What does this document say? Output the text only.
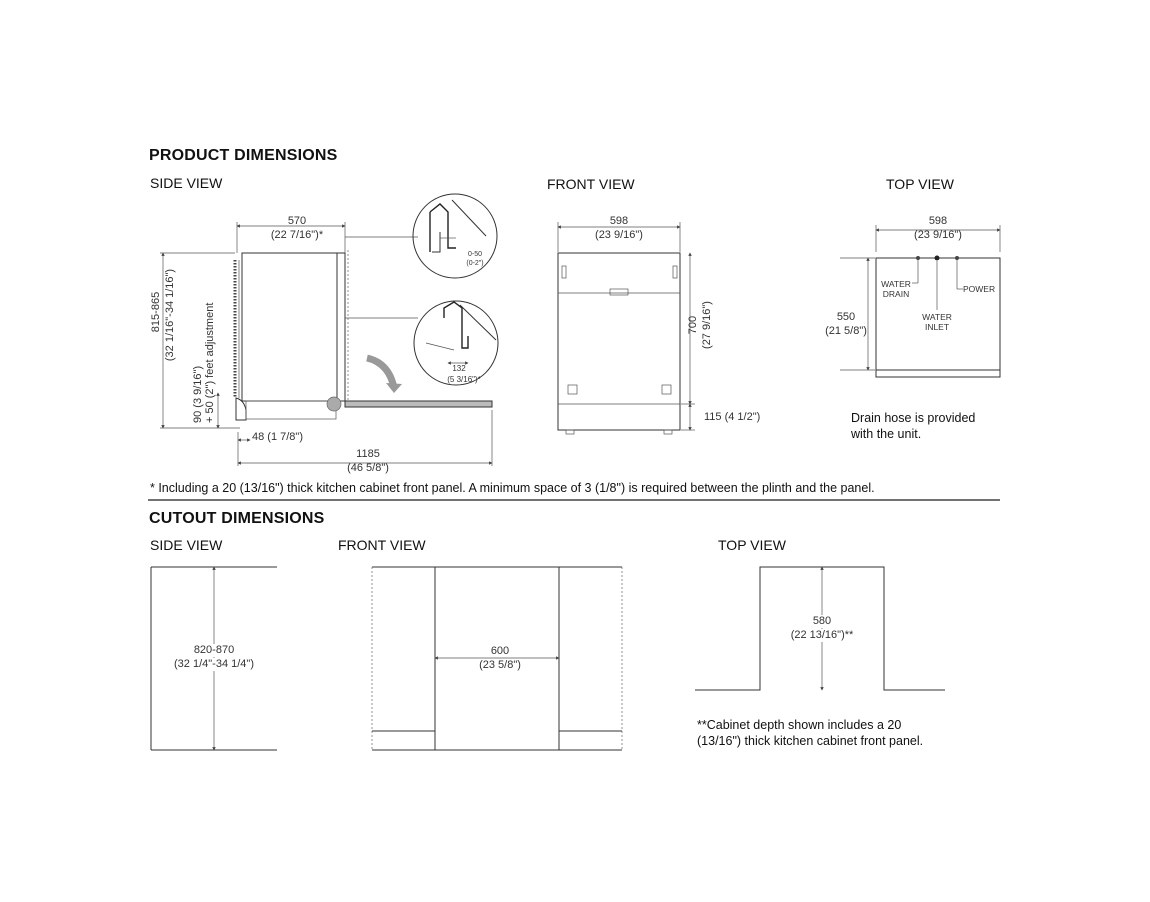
PRODUCT DIMENSIONS
SIDE VIEW	FRONT VIEW	TOP VIEW
570
(22 7/16")*
815-865 (32 1/16"-34 1/16")
90 (3 9/16") + 50 (2") feet adjustment
48 (1 7/8")
1185
(46 5/8")
0-50
(0-2")
132
(5 3/16")*
598
(23 9/16")
700 (27 9/16")
115 (4 1/2")
598
(23 9/16")
550
(21 5/8")
WATER
DRAIN
WATER
INLET
POWER
Drain hose is provided
with the unit.
* Including a 20 (13/16") thick kitchen cabinet front panel. A minimum space of 3 (1/8") is required between the plinth and the panel.
CUTOUT DIMENSIONS
SIDE VIEW	FRONT VIEW	TOP VIEW
820-870
(32 1/4"-34 1/4")
600
(23 5/8")
580
(22 13/16")**
**Cabinet depth shown includes a 20
(13/16") thick kitchen cabinet front panel.
